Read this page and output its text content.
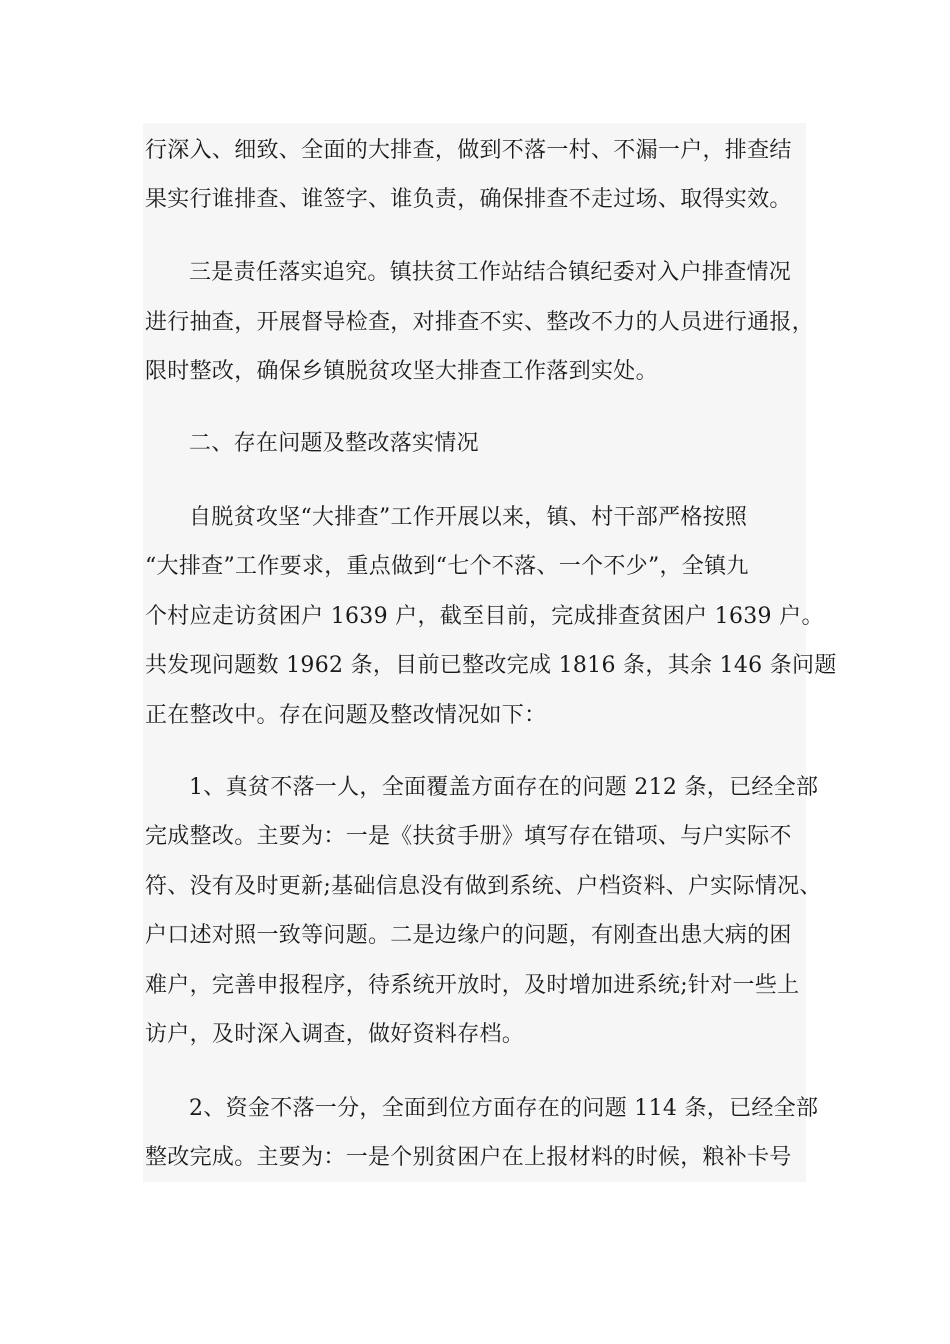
行深入、细致、全面的大排查，做到不落一村、不漏一户，排查结
果实行谁排查、谁签字、谁负责，确保排查不走过场、取得实效。
三是责任落实追究。镇扶贫工作站结合镇纪委对入户排查情况
进行抽查，开展督导检查，对排查不实、整改不力的人员进行通报，
限时整改，确保乡镇脱贫攻坚大排查工作落到实处。
二、存在问题及整改落实情况
自脱贫攻坚“大排查”工作开展以来，镇、村干部严格按照
“大排查”工作要求，重点做到“七个不落、一个不少”，全镇九
个村应走访贫困户 1639 户，截至目前，完成排查贫困户 1639 户。
共发现问题数 1962 条，目前已整改完成 1816 条，其余 146 条问题
正在整改中。存在问题及整改情况如下：
1、真贫不落一人，全面覆盖方面存在的问题 212 条，已经全部
完成整改。主要为：一是《扶贫手册》填写存在错项、与户实际不
符、没有及时更新;基础信息没有做到系统、户档资料、户实际情况、
户口述对照一致等问题。二是边缘户的问题，有刚查出患大病的困
难户，完善申报程序，待系统开放时，及时增加进系统;针对一些上
访户，及时深入调查，做好资料存档。
2、资金不落一分，全面到位方面存在的问题 114 条，已经全部
整改完成。主要为：一是个别贫困户在上报材料的时候，粮补卡号
